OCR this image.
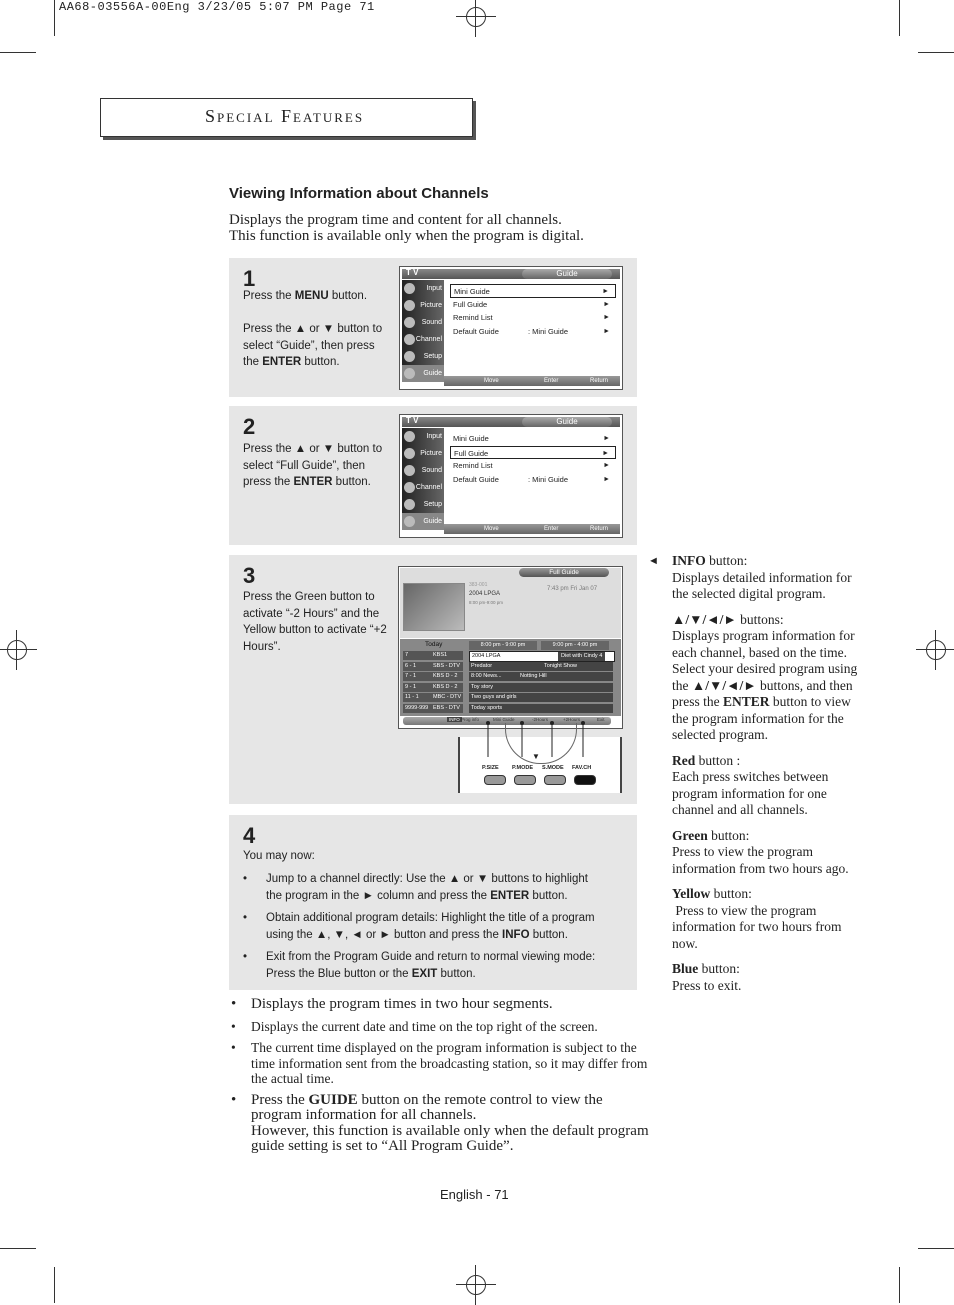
AA68-03556A-00Eng 3/23/05 5:07 PM Page 71
Special Features
Viewing Information about Channels
Displays the program time and content for all channels.
This function is available only when the program is digital.
1
Press the MENU button.

Press the ▲ or ▼ button to select “Guide”, then press the ENTER button.
T V	Guide
Input
Picture
Sound
Channel
Setup
Guide
Mini Guide	►
Full Guide	►
Remind List	►
Default Guide	: Mini Guide	►
Move	Enter	Return
2
Press the ▲ or ▼ button to select “Full Guide”, then press the ENTER button.
T V	Guide
Input
Picture
Sound
Channel
Setup
Guide
Mini Guide	►
Full Guide	►
Remind List	►
Default Guide	: Mini Guide	►
Move	Enter	Return
3
Press the Green button to activate “-2 Hours” and the Yellow button to activate “+2 Hours”.
Full Guide
383-001
2004 LPGA
8:00 pm-9:00 pm
7:43 pm Fri Jan 07
Today	8:00 pm - 9:00 pm	9:00 pm - 4:00 pm
7	KBS1	2004 LPGA	Diet with Cindy 4
6 - 1	SBS - DTV	Predator	Tonight Show
7 - 1	KBS D - 2	8:00 News...	Notting Hill
9 - 1	KBS D - 2	Toy story
11 - 1	MBC - DTV	Two guys and girls
9999-999 EBS - DTV	Today sports
INFO Prog info	Mini Guide	-2Hours	+2Hours	Exit
▼
P.SIZE P.MODE S.MODE FAV.CH
4
You may now:
• Jump to a channel directly: Use the ▲ or ▼ buttons to highlight the program in the ► column and press the ENTER button.
• Obtain additional program details: Highlight the title of a program using the ▲, ▼, ◄ or ► button and press the INFO button.
• Exit from the Program Guide and return to normal viewing mode: Press the Blue button or the EXIT button.

◄ INFO button:
Displays detailed information for the selected digital program.

▲/▼/◄/► buttons:
Displays program information for each channel, based on the time. Select your desired program using the ▲/▼/◄/► buttons, and then press the ENTER button to view the program information for the selected program.

Red button :
Each press switches between program information for one channel and all channels.

Green button:
Press to view the program information from two hours ago.

Yellow button:
Press to view the program information for two hours from now.

Blue button:
Press to exit.

• Displays the program times in two hour segments.
• Displays the current date and time on the top right of the screen.
• The current time displayed on the program information is subject to the time information sent from the broadcasting station, so it may differ from the actual time.
• Press the GUIDE button on the remote control to view the program information for all channels.
However, this function is available only when the default program guide setting is set to “All Program Guide”.
English - 71
